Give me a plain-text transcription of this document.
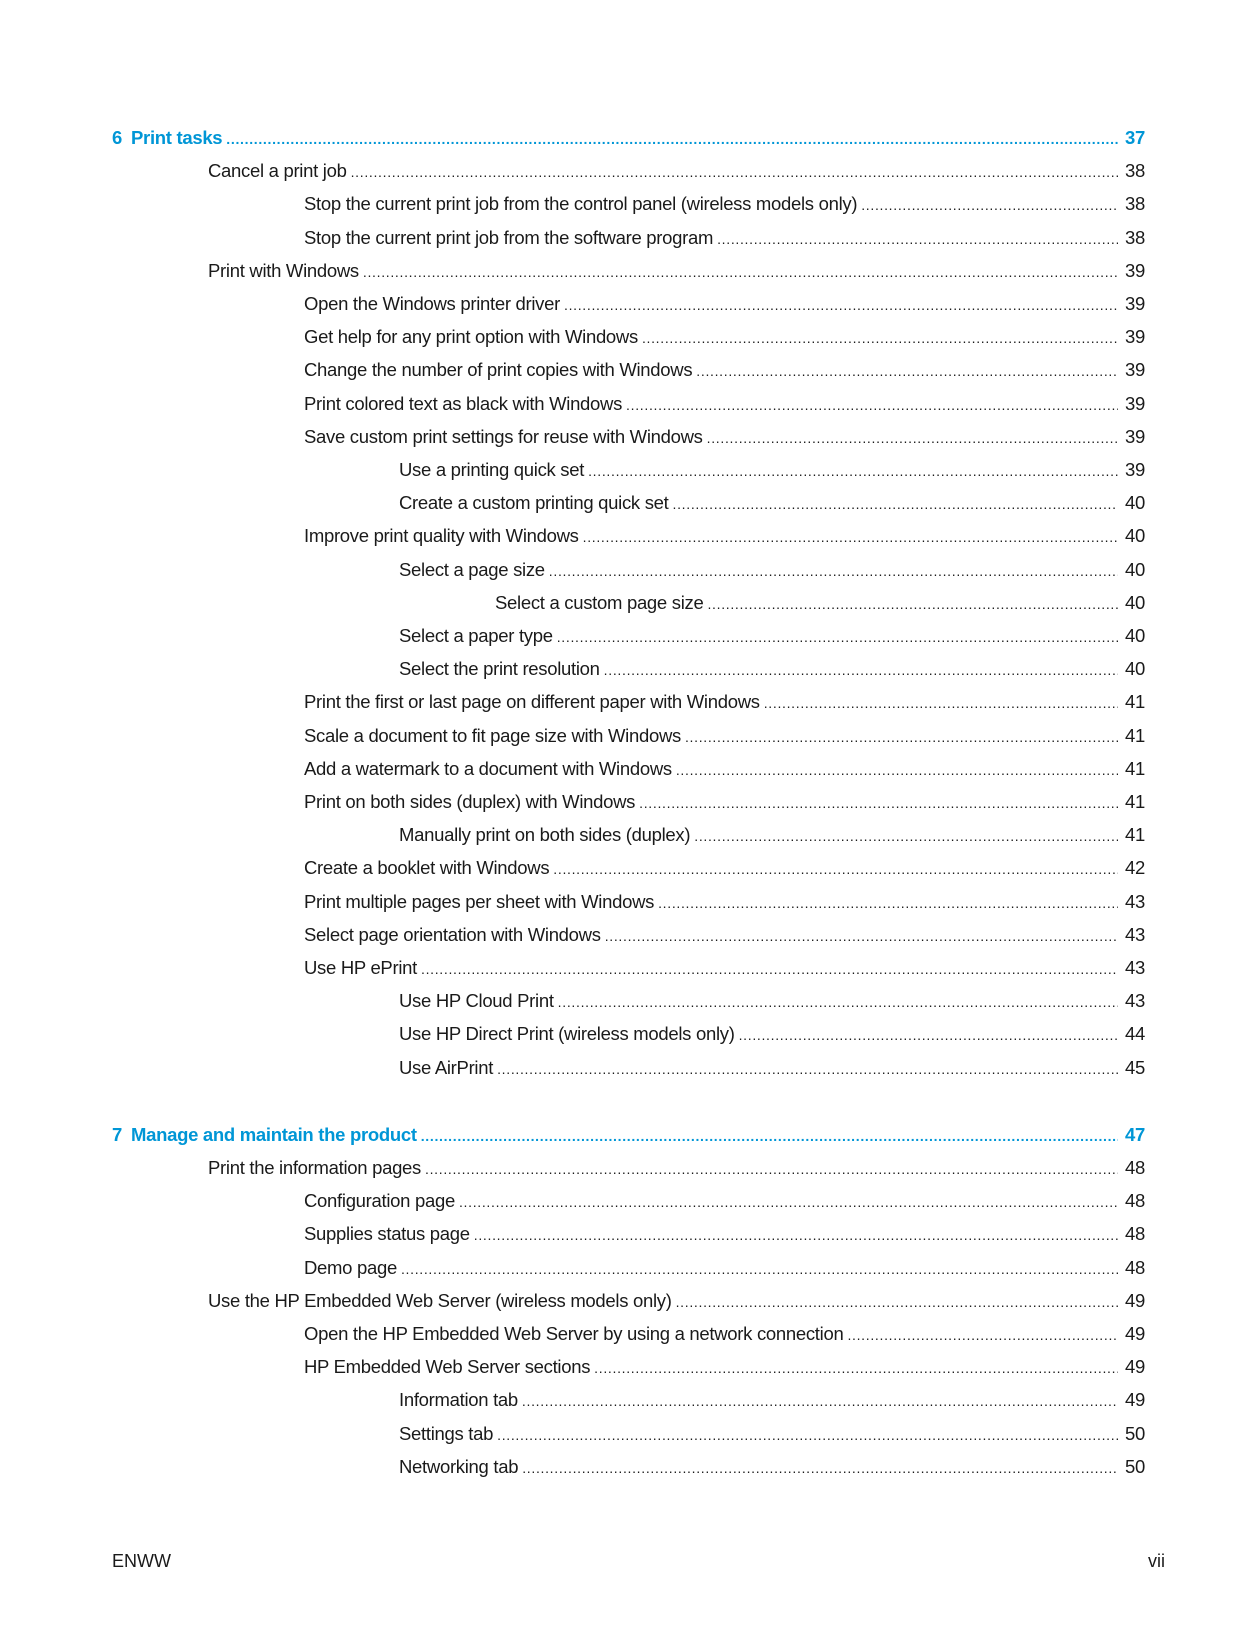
6 Print tasks . . .	37
Cancel a print job . . .	38
Stop the current print job from the control panel (wireless models only) . . .	38
Stop the current print job from the software program . . .	38
Print with Windows . . .	39
Open the Windows printer driver . . .	39
Get help for any print option with Windows . . .	39
Change the number of print copies with Windows . . .	39
Print colored text as black with Windows . . .	39
Save custom print settings for reuse with Windows . . .	39
Use a printing quick set . . .	39
Create a custom printing quick set . . .	40
Improve print quality with Windows . . .	40
Select a page size . . .	40
Select a custom page size . . .	40
Select a paper type . . .	40
Select the print resolution . . .	40
Print the first or last page on different paper with Windows . . .	41
Scale a document to fit page size with Windows . . .	41
Add a watermark to a document with Windows . . .	41
Print on both sides (duplex) with Windows . . .	41
Manually print on both sides (duplex) . . .	41
Create a booklet with Windows . . .	42
Print multiple pages per sheet with Windows . . .	43
Select page orientation with Windows . . .	43
Use HP ePrint . . .	43
Use HP Cloud Print . . .	43
Use HP Direct Print (wireless models only) . . .	44
Use AirPrint . . .	45
7 Manage and maintain the product . . .	47
Print the information pages . . .	48
Configuration page . . .	48
Supplies status page . . .	48
Demo page . . .	48
Use the HP Embedded Web Server (wireless models only) . . .	49
Open the HP Embedded Web Server by using a network connection . . .	49
HP Embedded Web Server sections . . .	49
Information tab . . .	49
Settings tab . . .	50
Networking tab . . .	50
ENWW	vii
